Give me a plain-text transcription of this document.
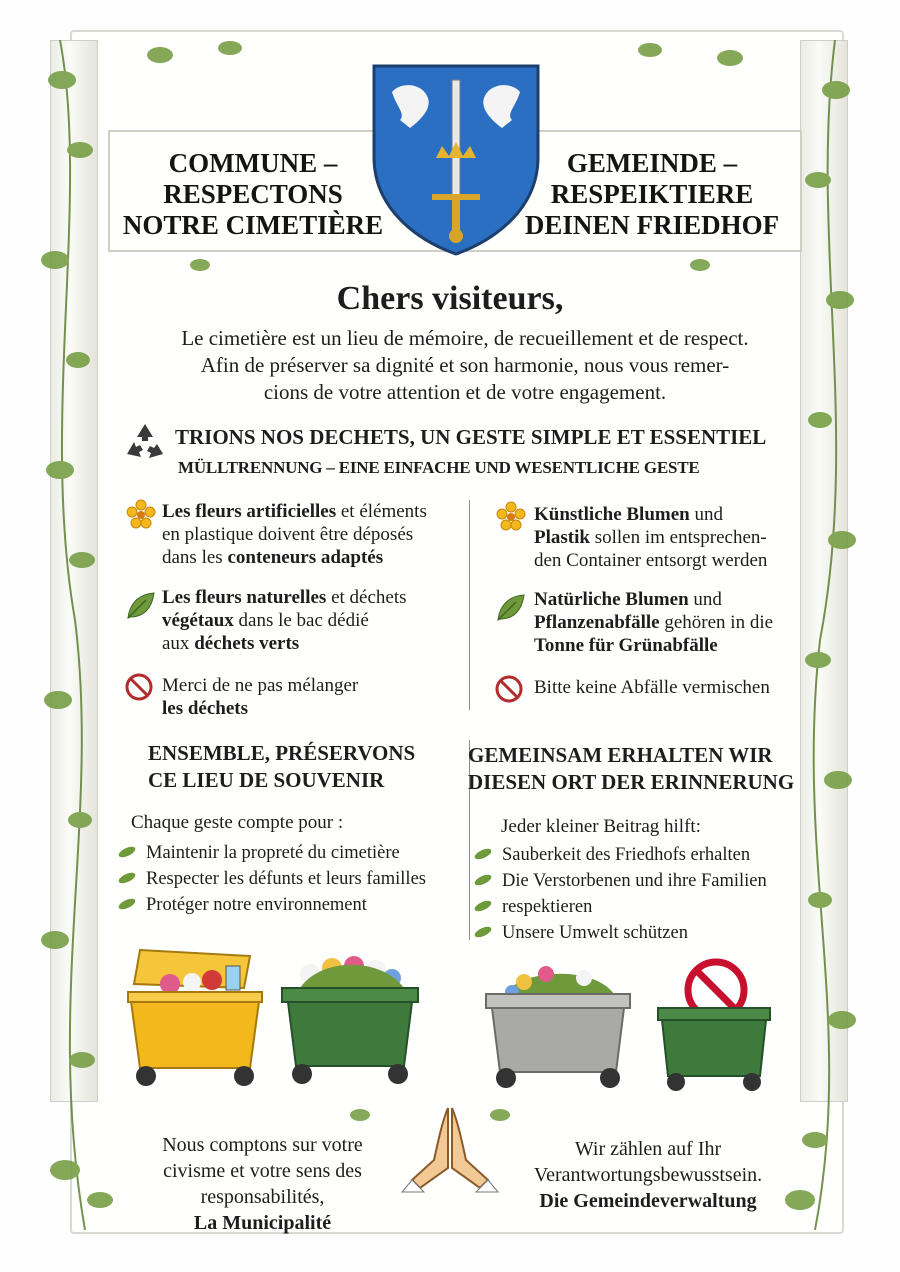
COMMUNE –
RESPECTONS
NOTRE CIMETIÈRE
GEMEINDE –
RESPEIKTIERE
DEINEN FRIEDHOF
Chers visiteurs,
Le cimetière est un lieu de mémoire, de recueillement et de respect.
Afin de préserver sa dignité et son harmonie, nous vous remer-
cions de votre attention et de votre engagement.
TRIONS NOS DECHETS, UN GESTE SIMPLE ET ESSENTIEL
MÜLLTRENNUNG – EINE EINFACHE UND WESENTLICHE GESTE
Les fleurs artificielles et éléments
en plastique doivent être déposés
dans les conteneurs adaptés
Les fleurs naturelles et déchets
végétaux dans le bac dédié
aux déchets verts
Merci de ne pas mélanger
les déchets
Künstliche Blumen und
Plastik sollen im entsprechen-
den Container entsorgt werden
Natürliche Blumen und
Pflanzenabfälle gehören in die
Tonne für Grünabfälle
Bitte keine Abfälle vermischen
ENSEMBLE, PRÉSERVONS
CE LIEU DE SOUVENIR
GEMEINSAM ERHALTEN WIR
DIESEN ORT DER ERINNERUNG
Chaque geste compte pour :	Jeder kleiner Beitrag hilft:
Maintenir la propreté du cimetière
Respecter les défunts et leurs familles
Protéger notre environnement
Sauberkeit des Friedhofs erhalten
Die Verstorbenen und ihre Familien
respektieren
Unsere Umwelt schützen
Nous comptons sur votre
civisme et votre sens des
responsabilités,
La Municipalité
Wir zählen auf Ihr
Verantwortungsbewusstsein.
Die Gemeindeverwaltung
